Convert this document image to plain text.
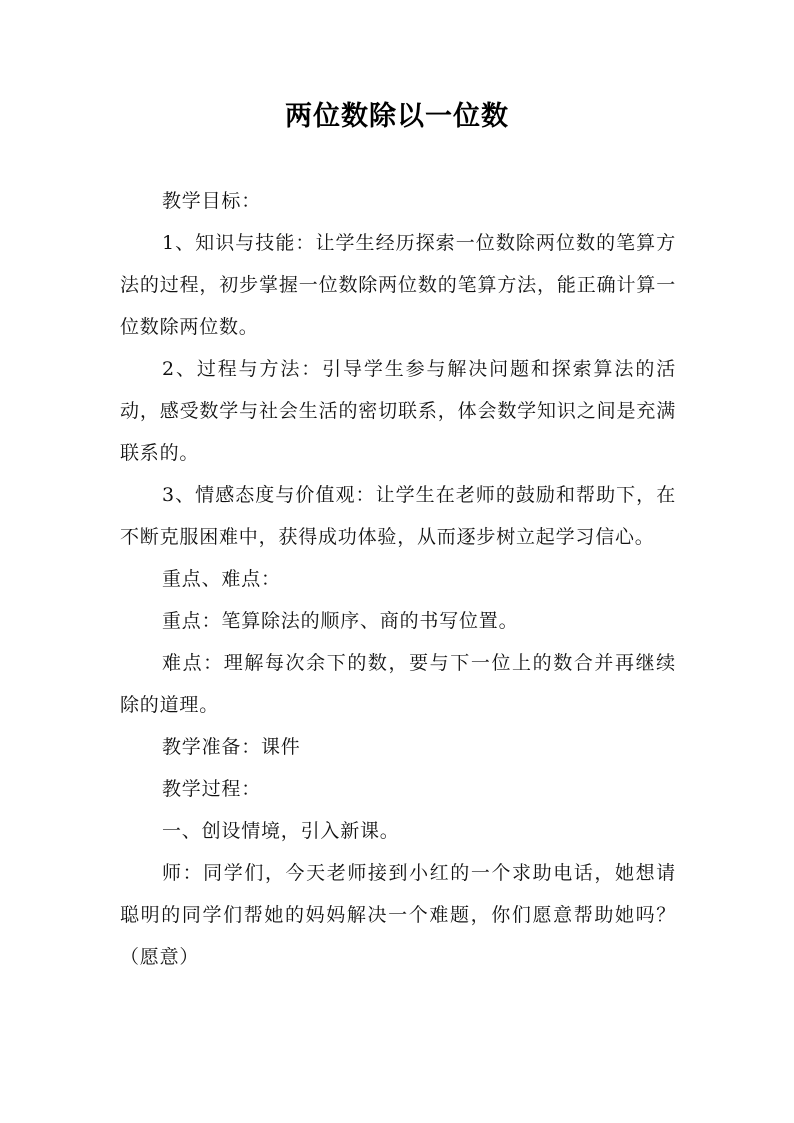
两位数除以一位数

教学目标：

1、知识与技能：让学生经历探索一位数除两位数的笔算方法的过程，初步掌握一位数除两位数的笔算方法，能正确计算一位数除两位数。

2、过程与方法：引导学生参与解决问题和探索算法的活动，感受数学与社会生活的密切联系，体会数学知识之间是充满联系的。

3、情感态度与价值观：让学生在老师的鼓励和帮助下，在不断克服困难中，获得成功体验，从而逐步树立起学习信心。

重点、难点：

重点：笔算除法的顺序、商的书写位置。

难点：理解每次余下的数，要与下一位上的数合并再继续除的道理。

教学准备：课件

教学过程：

一、创设情境，引入新课。

师：同学们，今天老师接到小红的一个求助电话，她想请聪明的同学们帮她的妈妈解决一个难题，你们愿意帮助她吗？（愿意）
